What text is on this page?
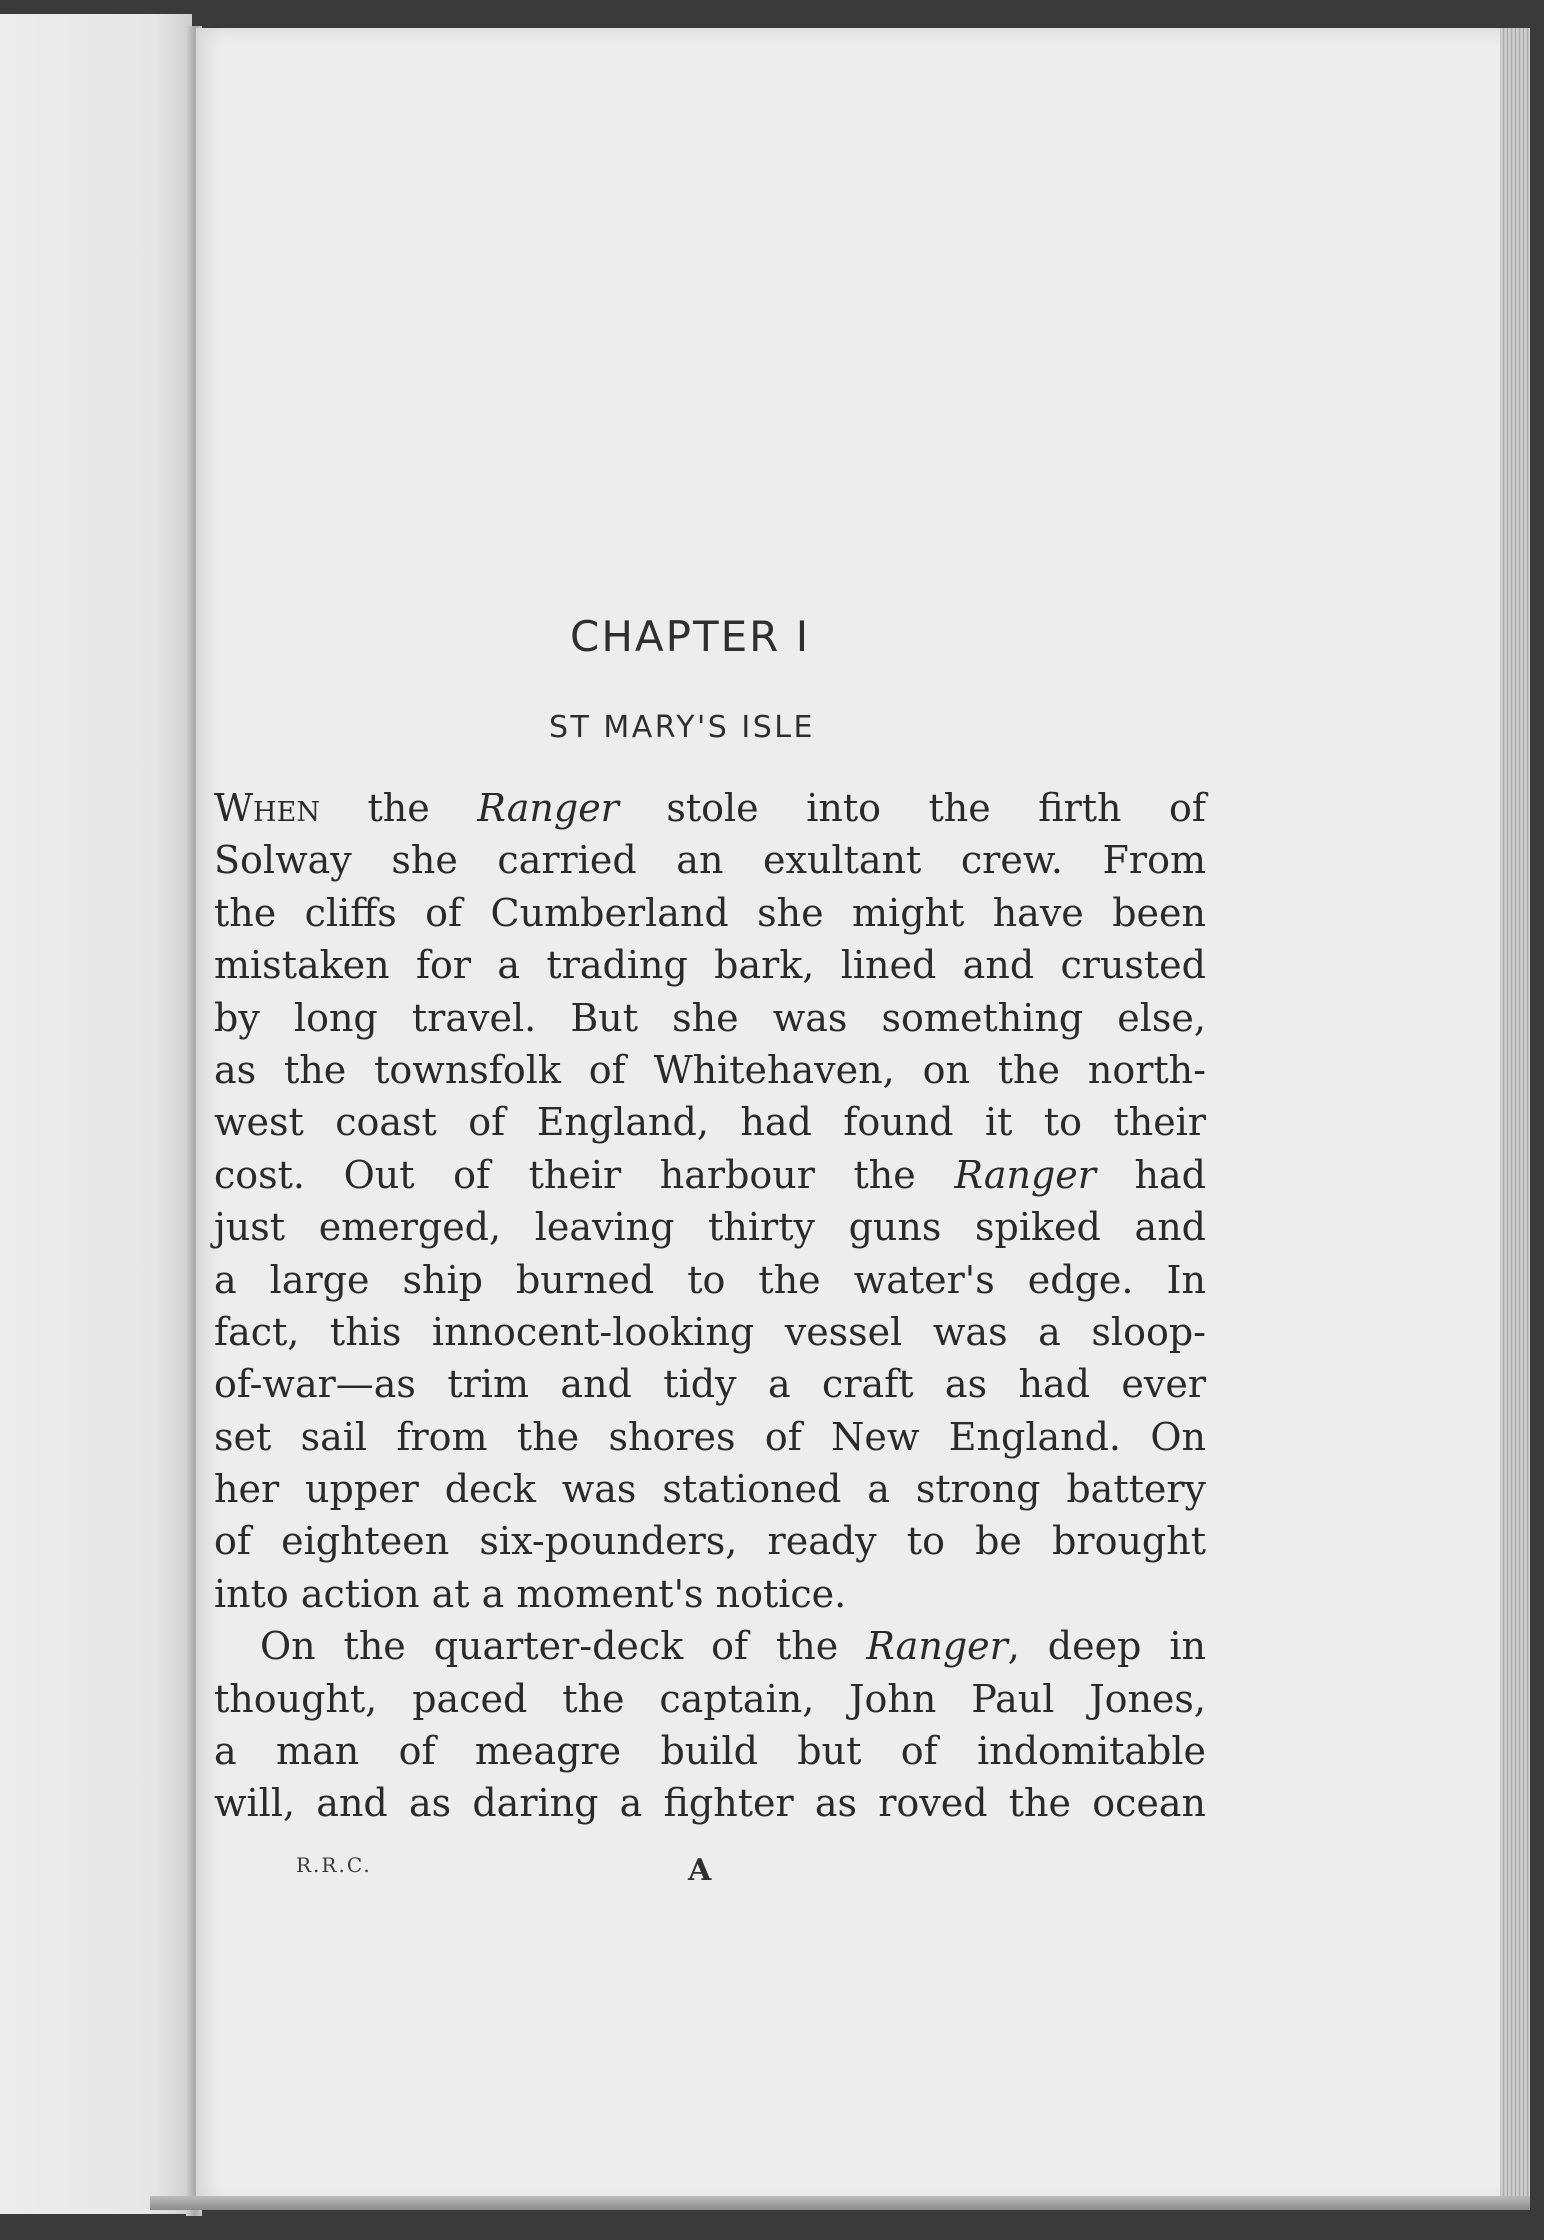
CHAPTER I
ST MARY'S ISLE
When the Ranger stole into the firth of
Solway she carried an exultant crew. From
the cliffs of Cumberland she might have been
mistaken for a trading bark, lined and crusted
by long travel. But she was something else,
as the townsfolk of Whitehaven, on the north-
west coast of England, had found it to their
cost. Out of their harbour the Ranger had
just emerged, leaving thirty guns spiked and
a large ship burned to the water's edge. In
fact, this innocent-looking vessel was a sloop-
of-war—as trim and tidy a craft as had ever
set sail from the shores of New England. On
her upper deck was stationed a strong battery
of eighteen six-pounders, ready to be brought
into action at a moment's notice.
On the quarter-deck of the Ranger, deep in
thought, paced the captain, John Paul Jones,
a man of meagre build but of indomitable
will, and as daring a fighter as roved the ocean
R.R.C.	A
